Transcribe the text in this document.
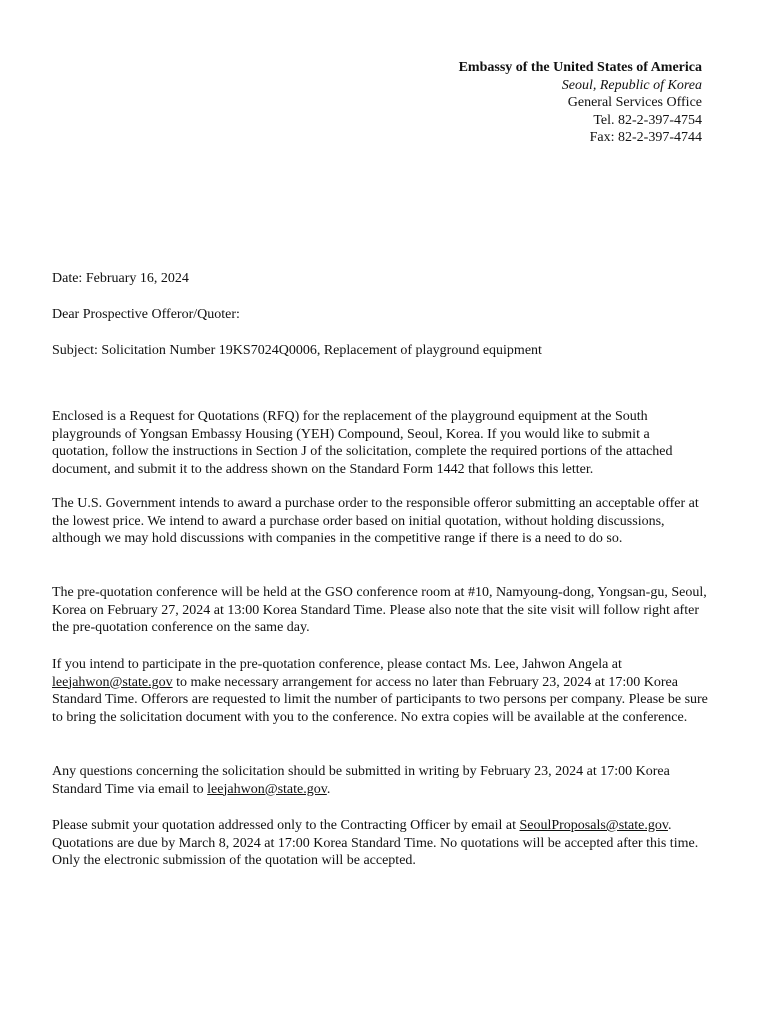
Embassy of the United States of America
Seoul, Republic of Korea
General Services Office
Tel. 82-2-397-4754
Fax: 82-2-397-4744
Date: February 16, 2024
Dear Prospective Offeror/Quoter:
Subject: Solicitation Number 19KS7024Q0006, Replacement of playground equipment

Enclosed is a Request for Quotations (RFQ) for the replacement of the playground equipment at the South playgrounds of Yongsan Embassy Housing (YEH) Compound, Seoul, Korea. If you would like to submit a quotation, follow the instructions in Section J of the solicitation, complete the required portions of the attached document, and submit it to the address shown on the Standard Form 1442 that follows this letter.

The U.S. Government intends to award a purchase order to the responsible offeror submitting an acceptable offer at the lowest price. We intend to award a purchase order based on initial quotation, without holding discussions, although we may hold discussions with companies in the competitive range if there is a need to do so.

The pre-quotation conference will be held at the GSO conference room at #10, Namyoung-dong, Yongsan-gu, Seoul, Korea on February 27, 2024 at 13:00 Korea Standard Time. Please also note that the site visit will follow right after the pre-quotation conference on the same day.

If you intend to participate in the pre-quotation conference, please contact Ms. Lee, Jahwon Angela at leejahwon@state.gov to make necessary arrangement for access no later than February 23, 2024 at 17:00 Korea Standard Time. Offerors are requested to limit the number of participants to two persons per company. Please be sure to bring the solicitation document with you to the conference. No extra copies will be available at the conference.

Any questions concerning the solicitation should be submitted in writing by February 23, 2024 at 17:00 Korea Standard Time via email to leejahwon@state.gov.

Please submit your quotation addressed only to the Contracting Officer by email at SeoulProposals@state.gov. Quotations are due by March 8, 2024 at 17:00 Korea Standard Time. No quotations will be accepted after this time. Only the electronic submission of the quotation will be accepted.
